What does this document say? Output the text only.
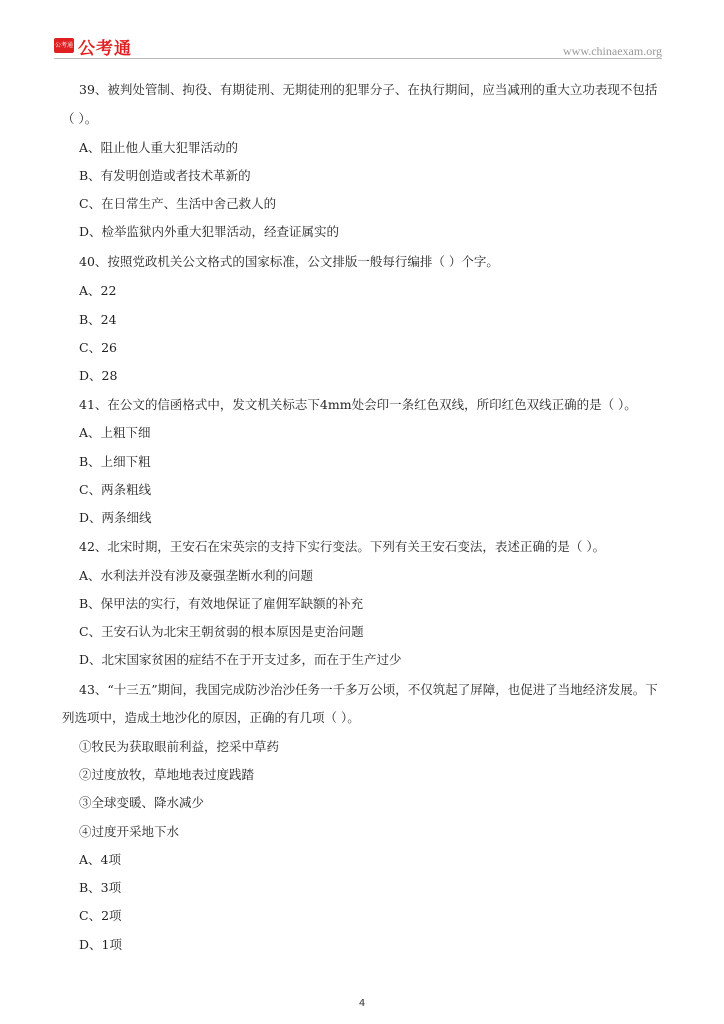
公考通 公考通	www.chinaexam.org
39、被判处管制、拘役、有期徒刑、无期徒刑的犯罪分子、在执行期间，应当减刑的重大立功表现不包括
（ ）。
A、阻止他人重大犯罪活动的
B、有发明创造或者技术革新的
C、在日常生产、生活中舍己救人的
D、检举监狱内外重大犯罪活动，经查证属实的
40、按照党政机关公文格式的国家标准，公文排版一般每行编排（ ）个字。
A、22
B、24
C、26
D、28
41、在公文的信函格式中，发文机关标志下4mm处会印一条红色双线，所印红色双线正确的是（ ）。
A、上粗下细
B、上细下粗
C、两条粗线
D、两条细线
42、北宋时期，王安石在宋英宗的支持下实行变法。下列有关王安石变法，表述正确的是（ ）。
A、水利法并没有涉及豪强垄断水利的问题
B、保甲法的实行，有效地保证了雇佣军缺额的补充
C、王安石认为北宋王朝贫弱的根本原因是吏治问题
D、北宋国家贫困的症结不在于开支过多，而在于生产过少
43、“十三五”期间，我国完成防沙治沙任务一千多万公顷，不仅筑起了屏障，也促进了当地经济发展。下
列选项中，造成土地沙化的原因，正确的有几项（ ）。
①牧民为获取眼前利益，挖采中草药
②过度放牧，草地地表过度践踏
③全球变暖、降水减少
④过度开采地下水
A、4项
B、3项
C、2项
D、1项
4
